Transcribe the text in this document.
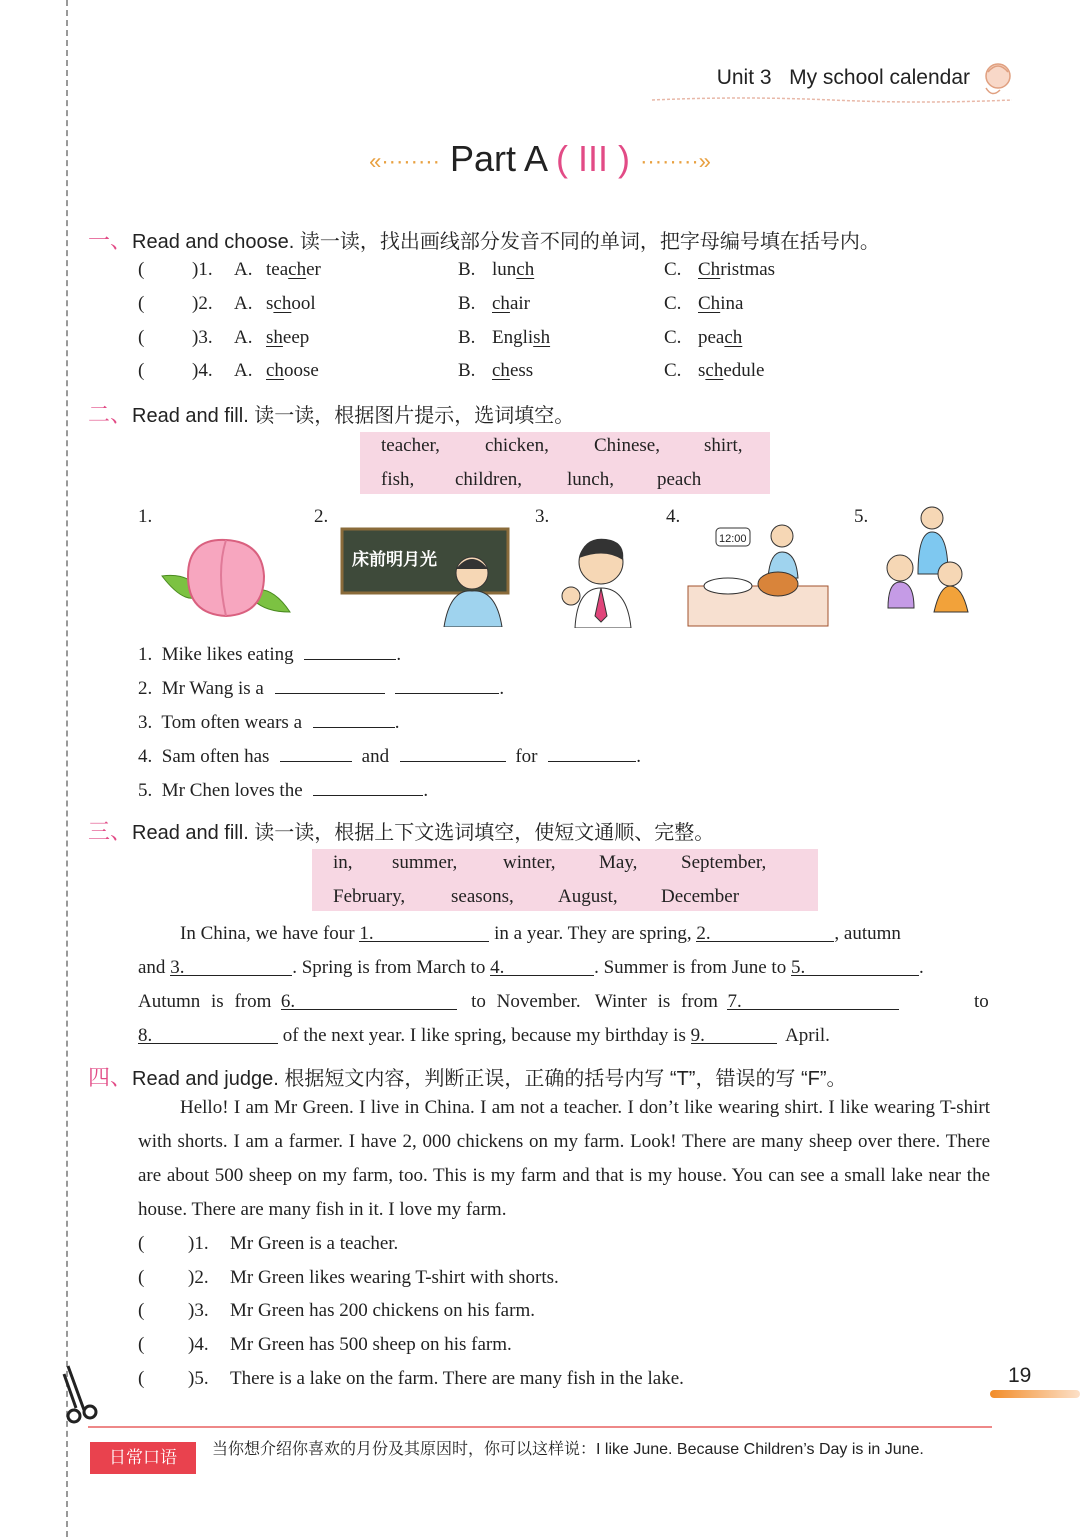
Unit 3 My school calendar
«········ Part A ( III ) ········»
一、Read and choose. 读一读，找出画线部分发音不同的单词，把字母编号填在括号内。
(	)1. A. teacher	B. lunch	C. Christmas
(	)2. A. school	B. chair	C. China
(	)3. A. sheep	B. English	C. peach
(	)4. A. choose	B. chess	C. schedule
二、Read and fill. 读一读，根据图片提示，选词填空。
teacher, chicken, Chinese, shirt,
fish, children, lunch, peach
1.	2.	3.	4.	5.
床前明月光
12:00
1. Mike likes eating	.
2. Mr Wang is a	.
3. Tom often wears a	.
4. Sam often has	and	for	.
5. Mr Chen loves the	.
三、Read and fill. 读一读，根据上下文选词填空，使短文通顺、完整。
in, summer, winter, May, September,
February, seasons, August, December
In China, we have four 1.	in a year. They are spring, 2.	, autumn
and 3.	. Spring is from March to 4.	. Summer is from June to 5.	.
Autumn is from 6.	to November. Winter is from 7.	to
8.	of the next year. I like spring, because my birthday is 9.	April.
四、Read and judge. 根据短文内容，判断正误，正确的括号内写 “T”，错误的写 “F”。
Hello! I am Mr Green. I live in China. I am not a teacher. I don’t like wearing shirt. I like wearing T-shirt with shorts. I am a farmer. I have 2, 000 chickens on my farm. Look! There are many sheep over there. There are about 500 sheep on my farm, too. This is my farm and that is my house. You can see a small lake near the house. There are many fish in it. I love my farm.
( )1. Mr Green is a teacher.
( )2. Mr Green likes wearing T-shirt with shorts.
( )3. Mr Green has 200 chickens on his farm.
( )4. Mr Green has 500 sheep on his farm.
( )5. There is a lake on the farm. There are many fish in the lake.	19
日常口语	当你想介绍你喜欢的月份及其原因时，你可以这样说：I like June. Because Children’s Day is in June.
